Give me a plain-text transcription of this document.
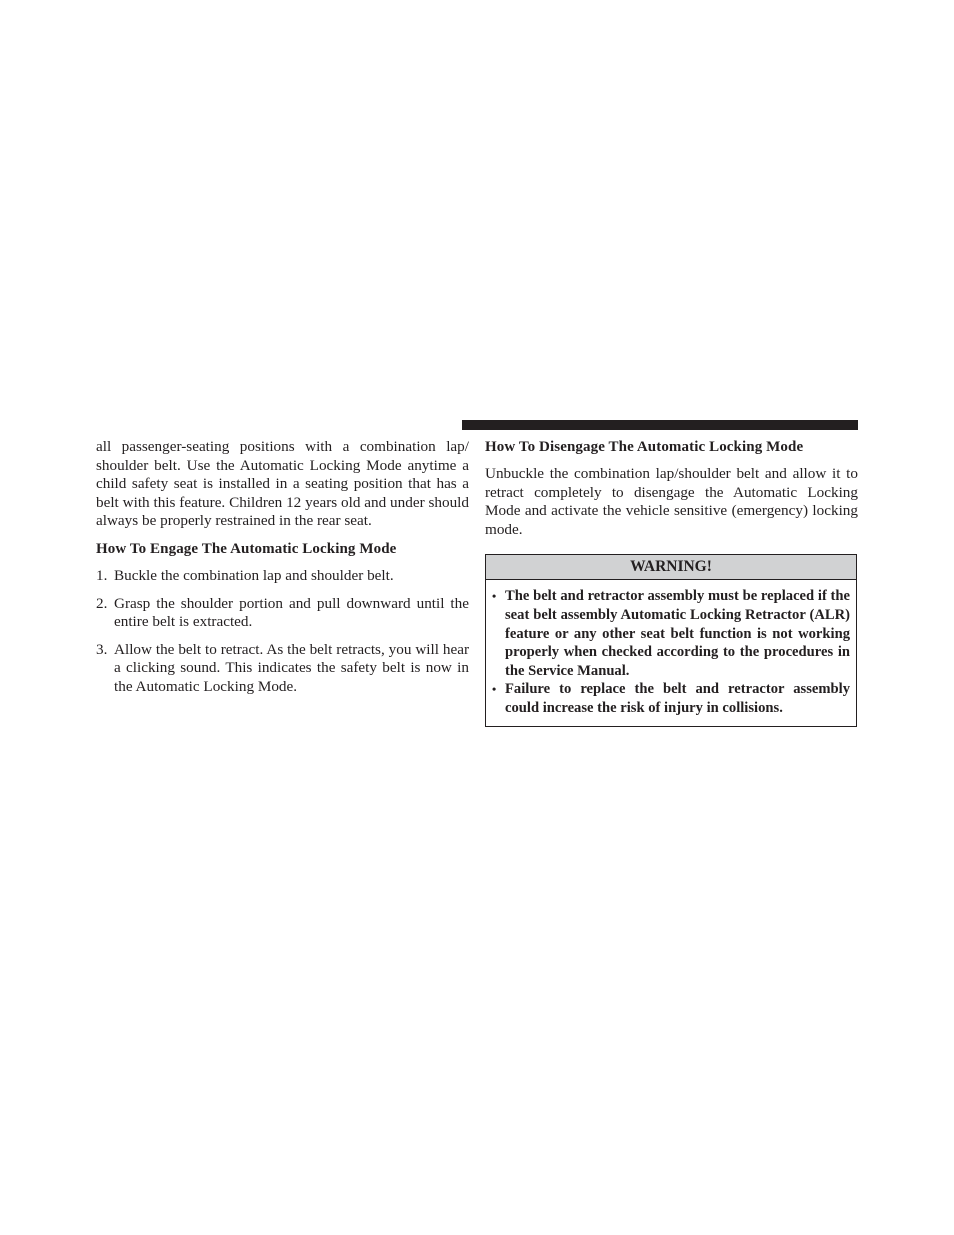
all passenger-seating positions with a combination lap/ shoulder belt. Use the Automatic Locking Mode anytime a child safety seat is installed in a seating position that has a belt with this feature. Children 12 years old and under should always be properly restrained in the rear seat.

How To Engage The Automatic Locking Mode
1. Buckle the combination lap and shoulder belt.
2. Grasp the shoulder portion and pull downward until the entire belt is extracted.
3. Allow the belt to retract. As the belt retracts, you will hear a clicking sound. This indicates the safety belt is now in the Automatic Locking Mode.
How To Disengage The Automatic Locking Mode

Unbuckle the combination lap/shoulder belt and allow it to retract completely to disengage the Automatic Locking Mode and activate the vehicle sensitive (emergency) locking mode.

WARNING!
• The belt and retractor assembly must be replaced if the seat belt assembly Automatic Locking Retractor (ALR) feature or any other seat belt function is not working properly when checked according to the procedures in the Service Manual.
• Failure to replace the belt and retractor assembly could increase the risk of injury in collisions.
